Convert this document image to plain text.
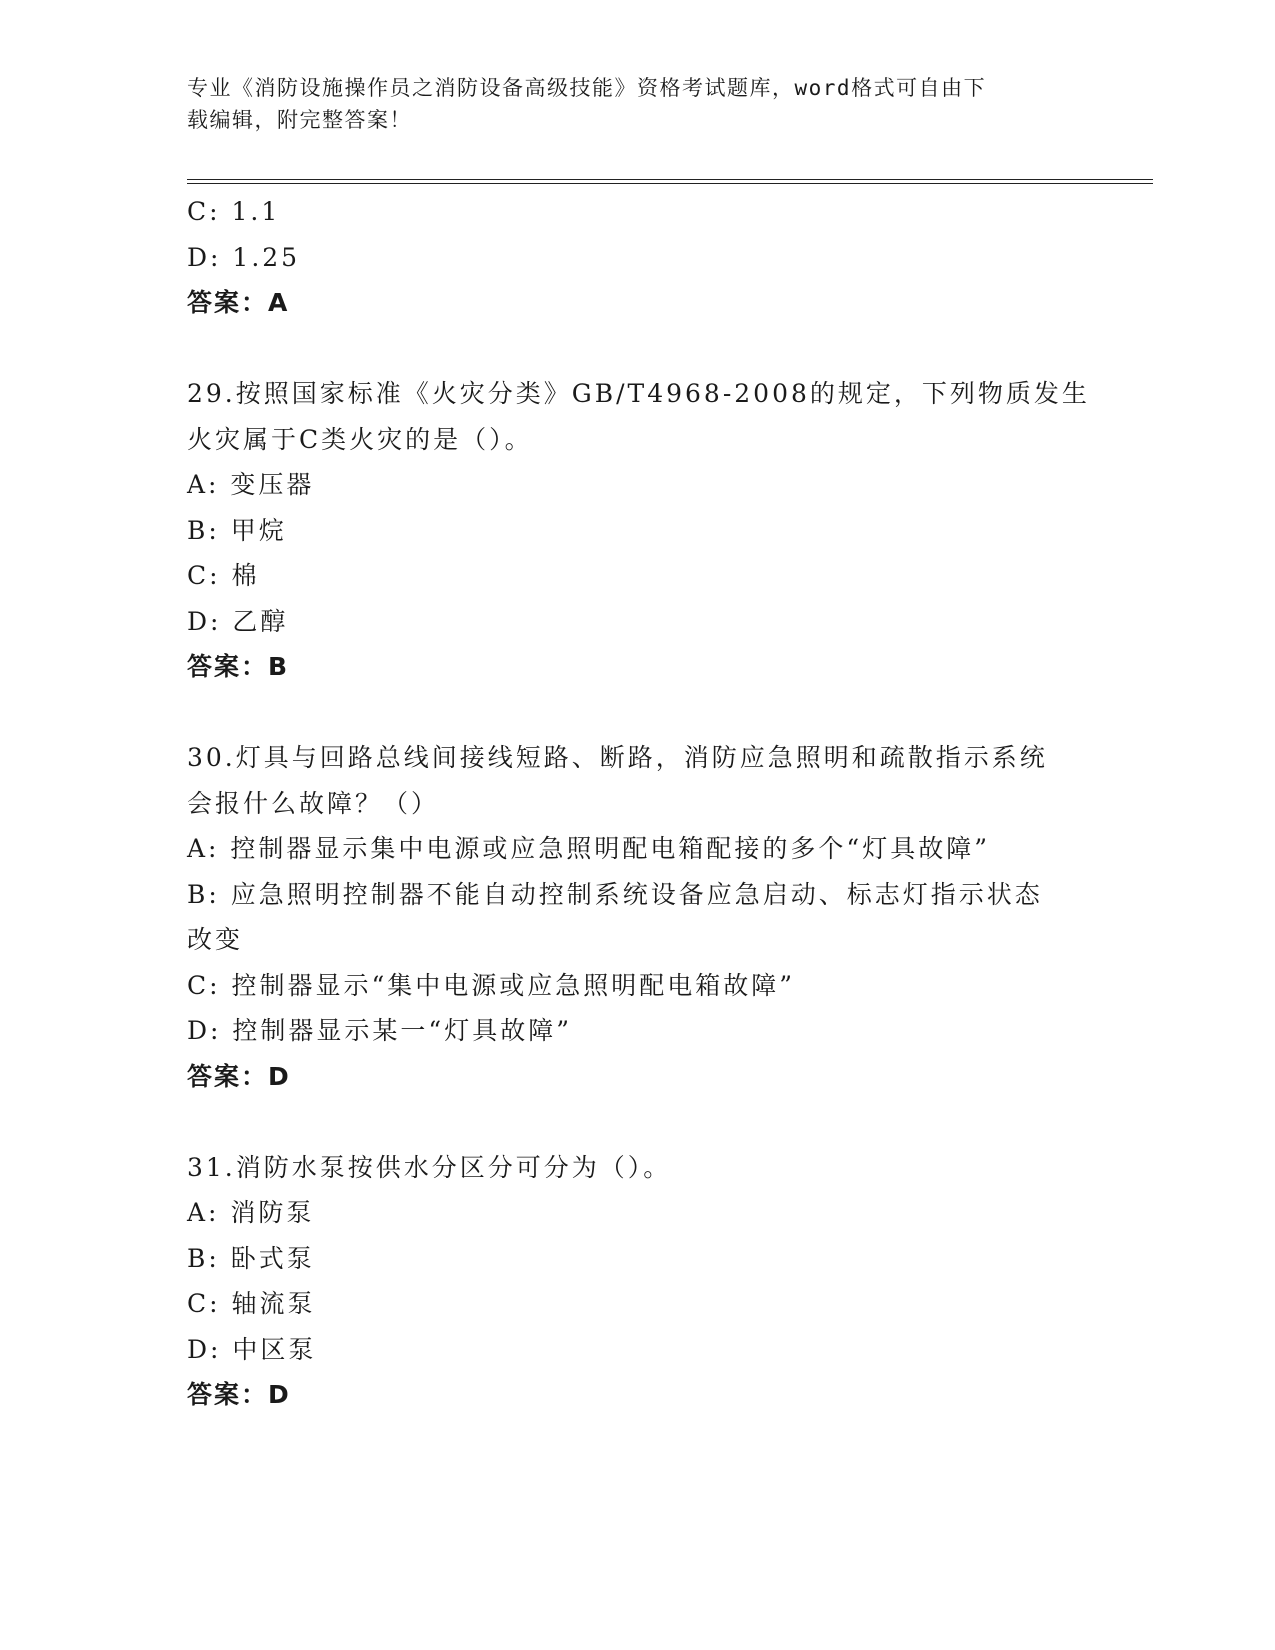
专业《消防设施操作员之消防设备高级技能》资格考试题库，word格式可自由下
载编辑，附完整答案！
C: 1.1
D: 1.25
答案：A
29.按照国家标准《火灾分类》GB/T4968-2008的规定，下列物质发生
火灾属于C类火灾的是（）。
A: 变压器
B: 甲烷
C: 棉
D: 乙醇
答案：B
30.灯具与回路总线间接线短路、断路，消防应急照明和疏散指示系统
会报什么故障？（）
A: 控制器显示集中电源或应急照明配电箱配接的多个“灯具故障”
B: 应急照明控制器不能自动控制系统设备应急启动、标志灯指示状态
改变
C: 控制器显示“集中电源或应急照明配电箱故障”
D: 控制器显示某一“灯具故障”
答案：D
31.消防水泵按供水分区分可分为（）。
A: 消防泵
B: 卧式泵
C: 轴流泵
D: 中区泵
答案：D
